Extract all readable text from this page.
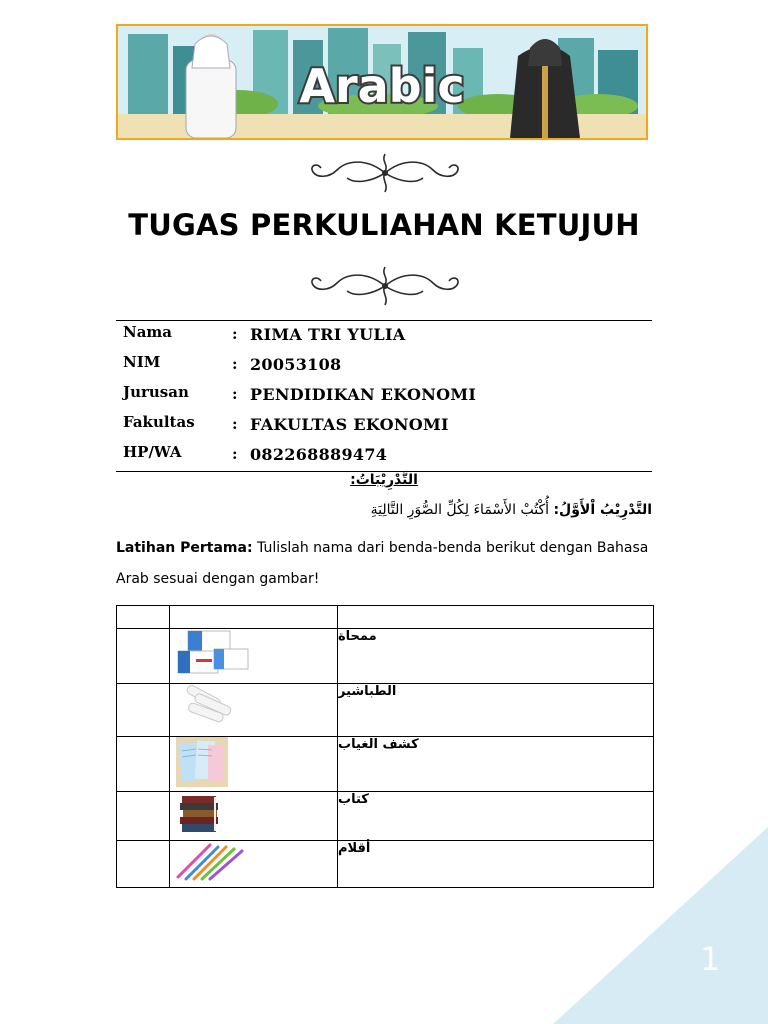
Arabic
TUGAS PERKULIAHAN KETUJUH
Nama	: RIMA TRI YULIA
NIM	: 20053108
Jurusan	: PENDIDIKAN EKONOMI
Fakultas : FAKULTAS EKONOMI
HP/WA	: 082268889474
التَّدْرِيْبَاتُ:
التَّدْرِيْبُ اْلأَوَّلُ: أُكْتُبْ الأَسْمَاءَ لِكُلِّ الصُّوَرِ التَّالِيَةِ
Latihan Pertama: Tulislah nama dari benda-benda berikut dengan Bahasa Arab sesuai dengan gambar!

		ممحاة
		الطباشير
		كشف الغياب
		كتاب
		أقلام
1
